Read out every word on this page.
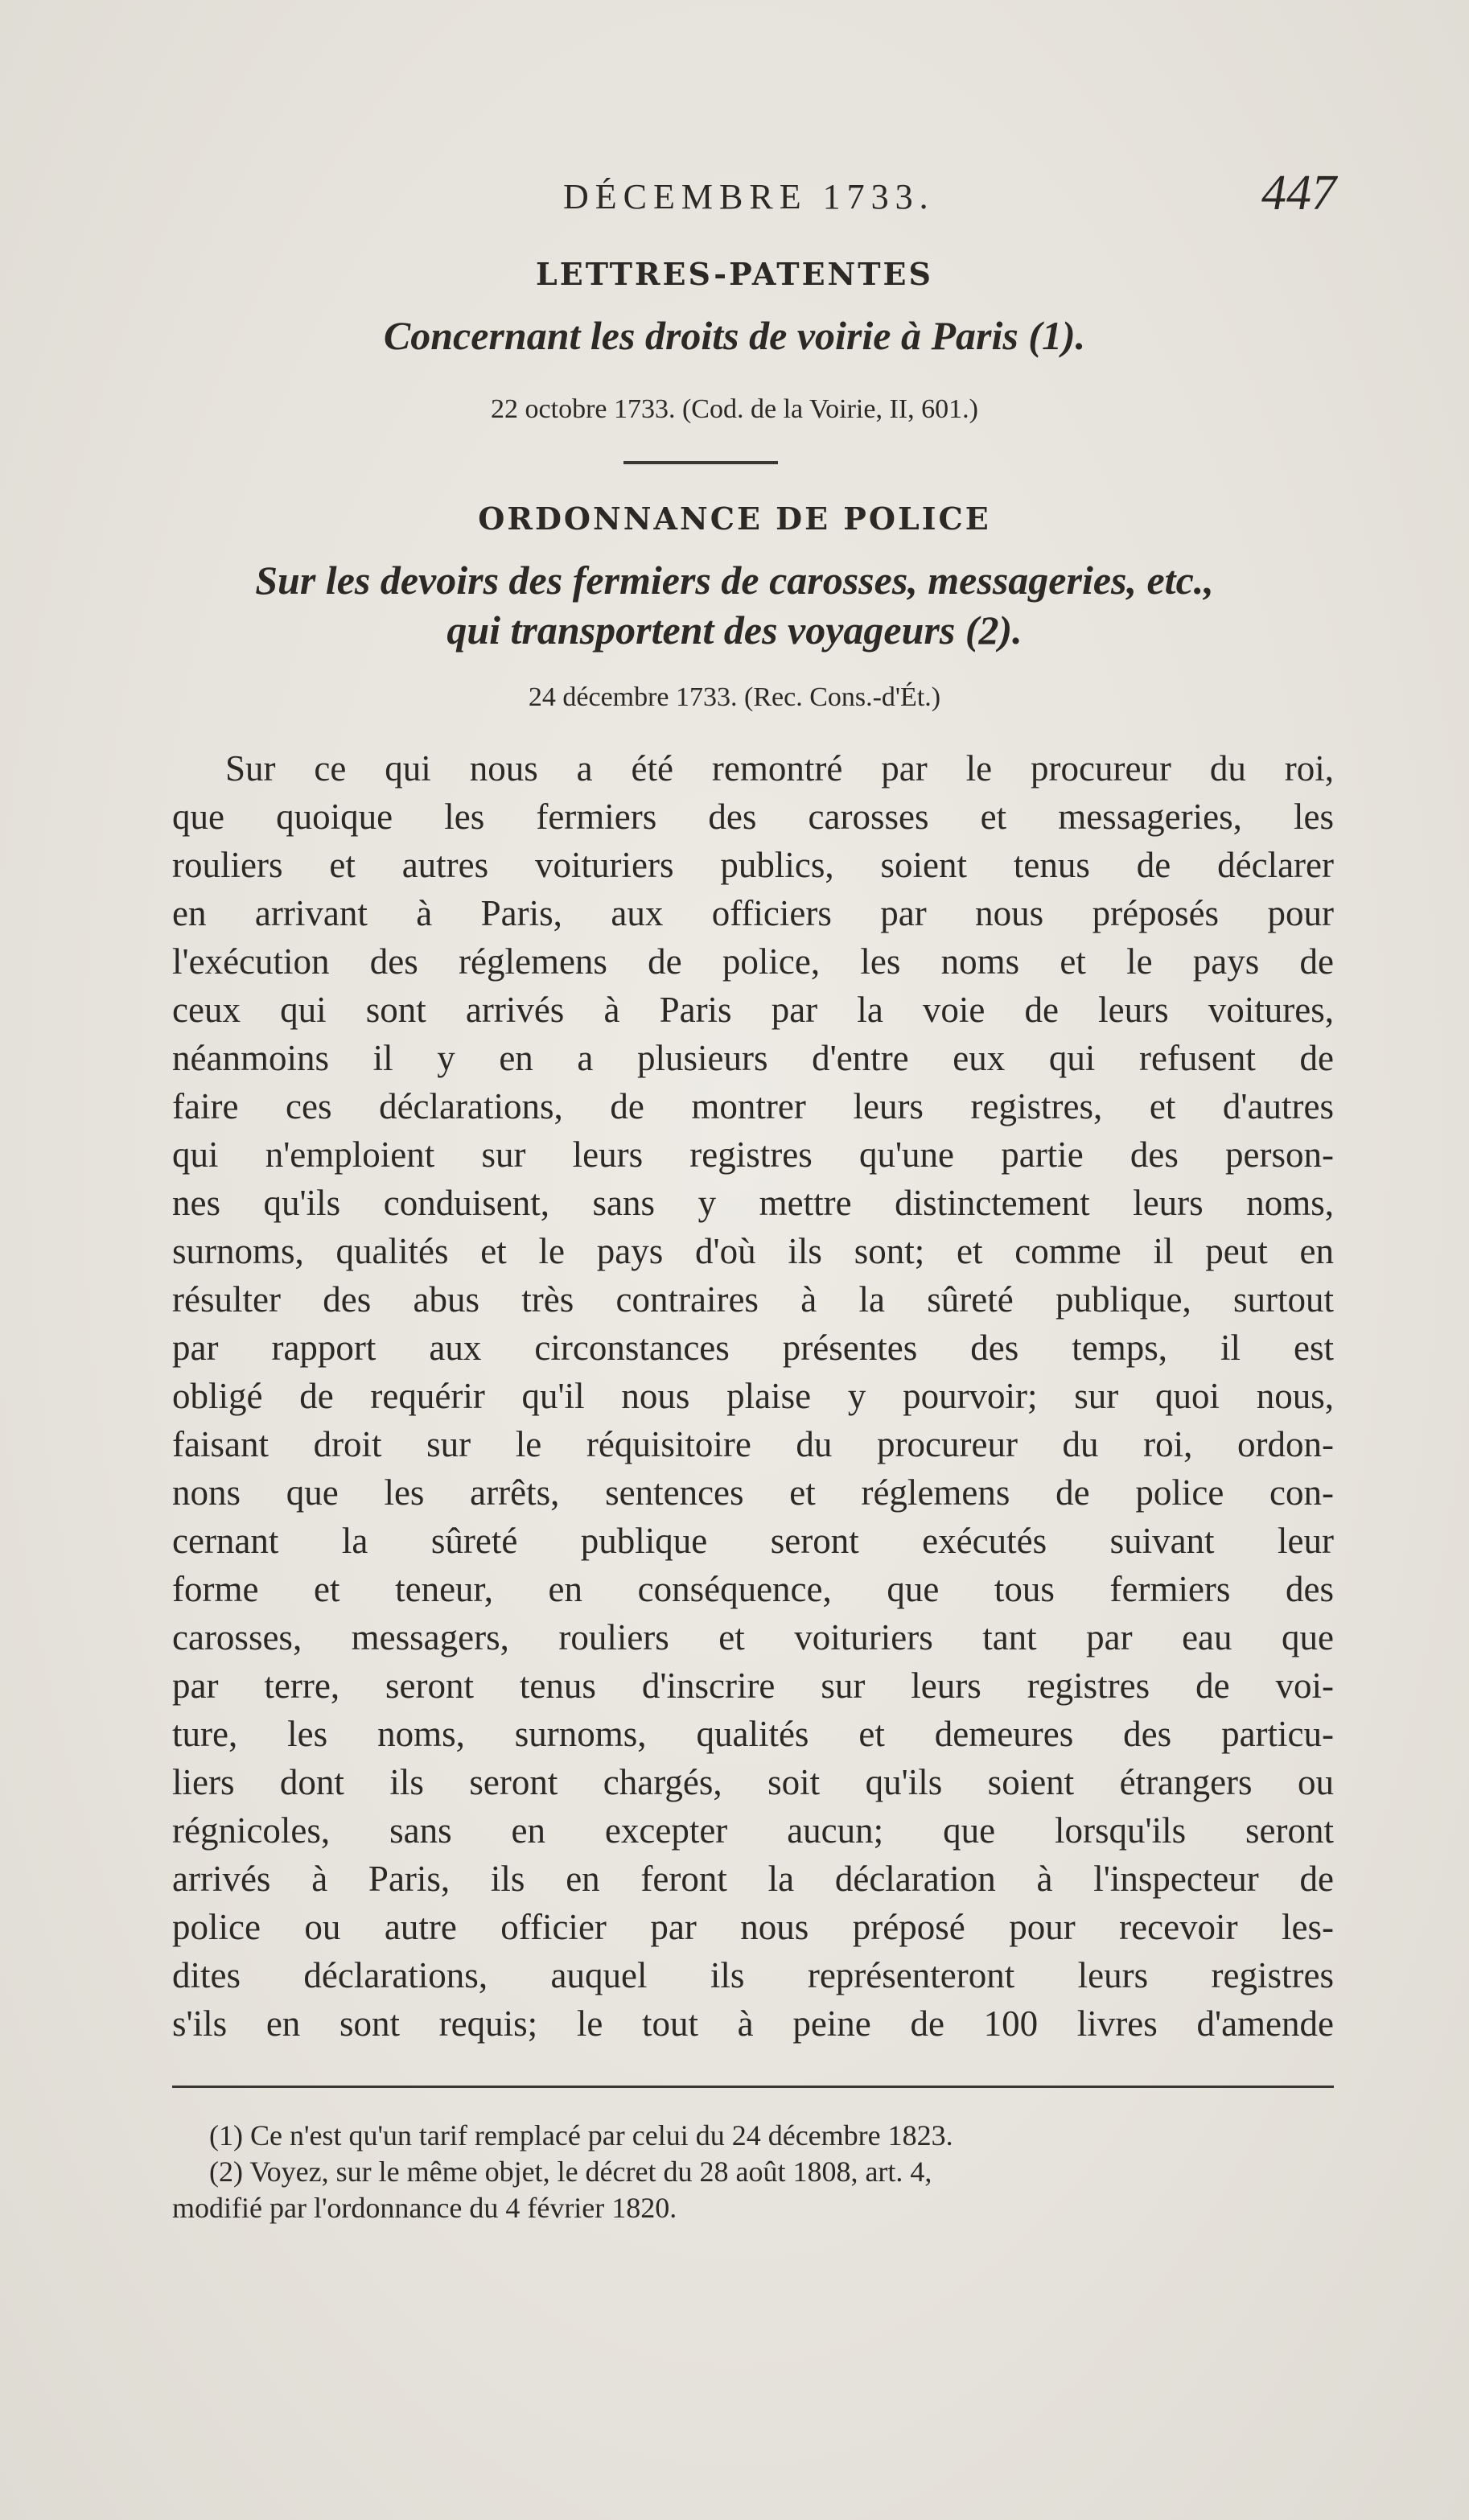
DÉCEMBRE 1733.	447
LETTRES-PATENTES
Concernant les droits de voirie à Paris (1).
22 octobre 1733. (Cod. de la Voirie, II, 601.)
ORDONNANCE DE POLICE
Sur les devoirs des fermiers de carosses, messageries, etc.,
qui transportent des voyageurs (2).
24 décembre 1733. (Rec. Cons.-d'Ét.)
Sur ce qui nous a été remontré par le procureur du roi,
que quoique les fermiers des carosses et messageries, les
rouliers et autres voituriers publics, soient tenus de déclarer
en arrivant à Paris, aux officiers par nous préposés pour
l'exécution des réglemens de police, les noms et le pays de
ceux qui sont arrivés à Paris par la voie de leurs voitures,
néanmoins il y en a plusieurs d'entre eux qui refusent de
faire ces déclarations, de montrer leurs registres, et d'autres
qui n'emploient sur leurs registres qu'une partie des person-
nes qu'ils conduisent, sans y mettre distinctement leurs noms,
surnoms, qualités et le pays d'où ils sont; et comme il peut en
résulter des abus très contraires à la sûreté publique, surtout
par rapport aux circonstances présentes des temps, il est
obligé de requérir qu'il nous plaise y pourvoir; sur quoi nous,
faisant droit sur le réquisitoire du procureur du roi, ordon-
nons que les arrêts, sentences et réglemens de police con-
cernant la sûreté publique seront exécutés suivant leur
forme et teneur, en conséquence, que tous fermiers des
carosses, messagers, rouliers et voituriers tant par eau que
par terre, seront tenus d'inscrire sur leurs registres de voi-
ture, les noms, surnoms, qualités et demeures des particu-
liers dont ils seront chargés, soit qu'ils soient étrangers ou
régnicoles, sans en excepter aucun; que lorsqu'ils seront
arrivés à Paris, ils en feront la déclaration à l'inspecteur de
police ou autre officier par nous préposé pour recevoir les-
dites déclarations, auquel ils représenteront leurs registres
s'ils en sont requis; le tout à peine de 100 livres d'amende
(1) Ce n'est qu'un tarif remplacé par celui du 24 décembre 1823.
(2) Voyez, sur le même objet, le décret du 28 août 1808, art. 4,
modifié par l'ordonnance du 4 février 1820.
